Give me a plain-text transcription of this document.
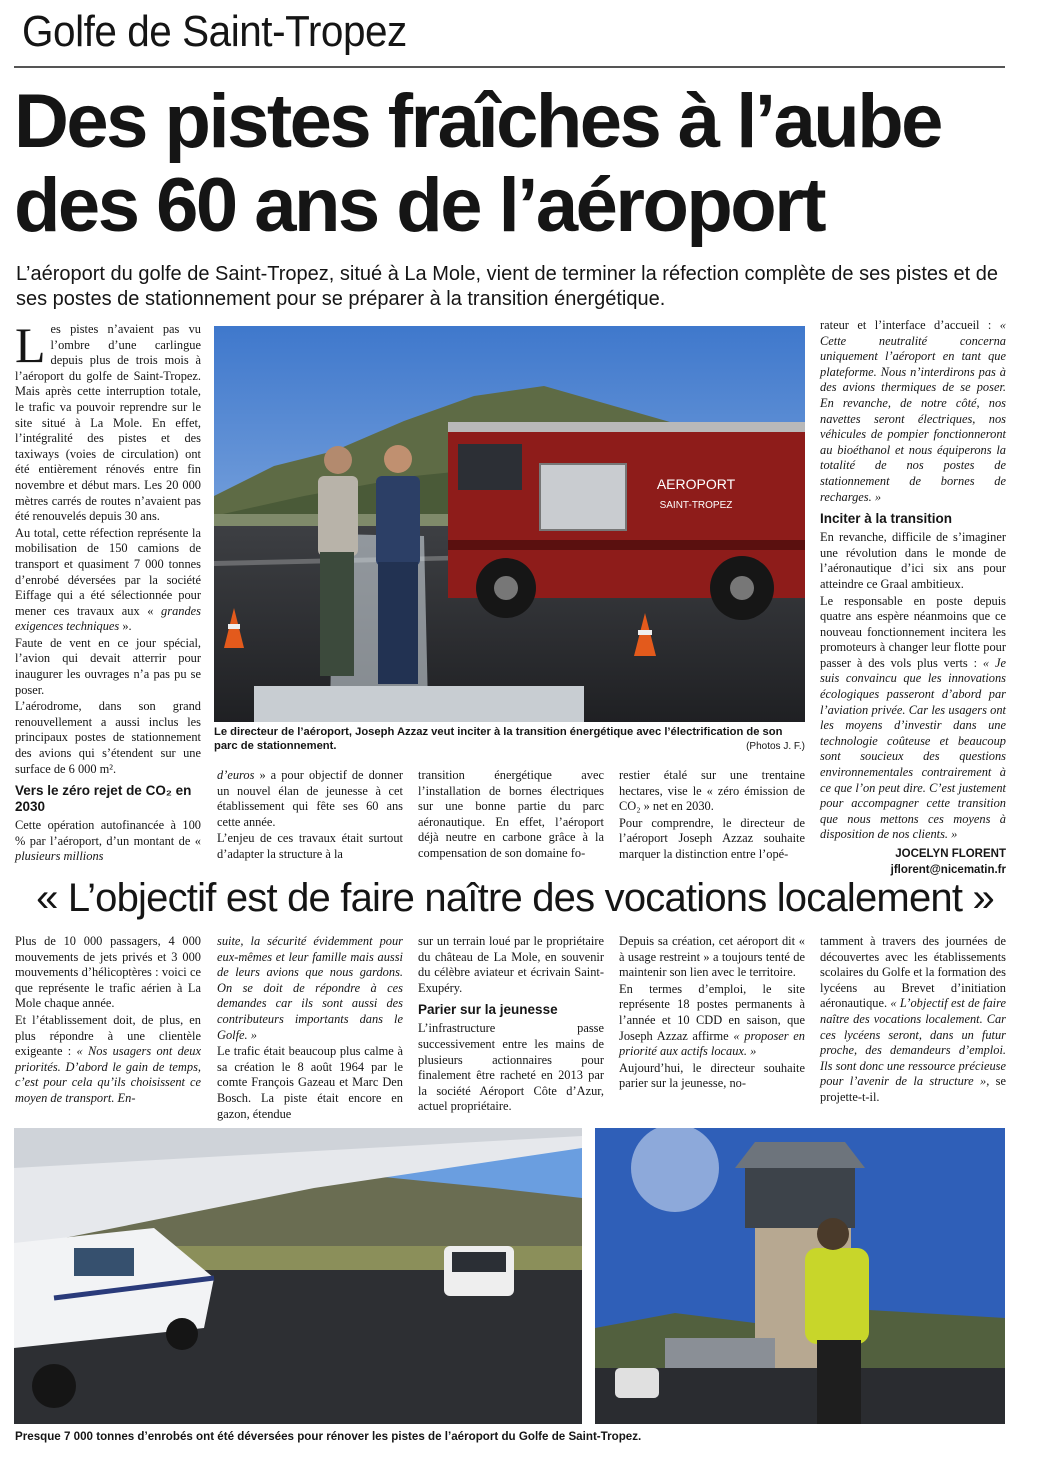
Golfe de Saint-Tropez
Des pistes fraîches à l’aube
des 60 ans de l’aéroport
L’aéroport du golfe de Saint-Tropez, situé à La Mole, vient de terminer la réfection complète de ses pistes et de ses postes de stationnement pour se préparer à la transition énergétique.

Les pistes n’avaient pas vu l’ombre d’une carlingue depuis plus de trois mois à l’aéroport du golfe de Saint-Tropez. Mais après cette interruption totale, le trafic va pouvoir reprendre sur le site situé à La Mole. En effet, l’intégralité des pistes et des taxiways (voies de circulation) ont été entièrement rénovés entre fin novembre et début mars. Les 20 000 mètres carrés de routes n’avaient pas été renouvelés depuis 30 ans.

Au total, cette réfection représente la mobilisation de 150 camions de transport et quasiment 7 000 tonnes d’enrobé déversées par la société Eiffage qui a été sélectionnée pour mener ces travaux aux « grandes exigences techniques ».

Faute de vent en ce jour spécial, l’avion qui devait atterrir pour inaugurer les ouvrages n’a pas pu se poser.

L’aérodrome, dans son grand renouvellement a aussi inclus les principaux postes de stationnement des avions qui s’étendent sur une surface de 6 000 m².

Vers le zéro rejet de CO₂ en 2030

Cette opération autofinancée à 100 % par l’aéroport, d’un montant de « plusieurs millions

AEROPORT
SAINT-TROPEZ
Le directeur de l’aéroport, Joseph Azzaz veut inciter à la transition énergétique avec l’électrification de son parc de stationnement.	(Photos J. F.)

d’euros » a pour objectif de donner un nouvel élan de jeunesse à cet établissement qui fête ses 60 ans cette année.

L’enjeu de ces travaux était surtout d’adapter la structure à la

transition énergétique avec l’installation de bornes électriques sur une bonne partie du parc aéronautique. En effet, l’aéroport déjà neutre en carbone grâce à la compensation de son domaine fo-

restier étalé sur une trentaine hectares, vise le « zéro émission de CO₂ » net en 2030.

Pour comprendre, le directeur de l’aéroport Joseph Azzaz souhaite marquer la distinction entre l’opé-

rateur et l’interface d’accueil : « Cette neutralité concerna uniquement l’aéroport en tant que plateforme. Nous n’interdirons pas à des avions thermiques de se poser. En revanche, de notre côté, nos navettes seront électriques, nos véhicules de pompier fonctionneront au bioéthanol et nous équiperons la totalité de nos postes de stationnement de bornes de recharges. »

Inciter à la transition

En revanche, difficile de s’imaginer une révolution dans le monde de l’aéronautique d’ici six ans pour atteindre ce Graal ambitieux.

Le responsable en poste depuis quatre ans espère néanmoins que ce nouveau fonctionnement incitera les promoteurs à changer leur flotte pour passer à des vols plus verts : « Je suis convaincu que les innovations écologiques passeront d’abord par l’aviation privée. Car les usagers ont les moyens d’investir dans une technologie coûteuse et beaucoup sont soucieux des questions environnementales contrairement à ce que l’on peut dire. C’est justement pour accompagner cette transition que nous mettons ces moyens à disposition de nos clients. »

JOCELYN FLORENT
jflorent@nicematin.fr
« L’objectif est de faire naître des vocations localement »

Plus de 10 000 passagers, 4 000 mouvements de jets privés et 3 000 mouvements d’hélicoptères : voici ce que représente le trafic aérien à La Mole chaque année.

Et l’établissement doit, de plus, en plus répondre à une clientèle exigeante : « Nos usagers ont deux priorités. D’abord le gain de temps, c’est pour cela qu’ils choisissent ce moyen de transport. En-

suite, la sécurité évidemment pour eux-mêmes et leur famille mais aussi de leurs avions que nous gardons. On se doit de répondre à ces demandes car ils sont aussi des contributeurs importants dans le Golfe. »

Le trafic était beaucoup plus calme à sa création le 8 août 1964 par le comte François Gazeau et Marc Den Bosch. La piste était encore en gazon, étendue

sur un terrain loué par le propriétaire du château de La Mole, en souvenir du célèbre aviateur et écrivain Saint-Exupéry.

Parier sur la jeunesse

L’infrastructure passe successivement entre les mains de plusieurs actionnaires pour finalement être racheté en 2013 par la société Aéroport Côte d’Azur, actuel propriétaire.

Depuis sa création, cet aéroport dit « à usage restreint » a toujours tenté de maintenir son lien avec le territoire.

En termes d’emploi, le site représente 18 postes permanents à l’année et 10 CDD en saison, que Joseph Azzaz affirme « proposer en priorité aux actifs locaux. »

Aujourd’hui, le directeur souhaite parier sur la jeunesse, no-

tamment à travers des journées de découvertes avec les établissements scolaires du Golfe et la formation des lycéens au Brevet d’initiation aéronautique. « L’objectif est de faire naître des vocations localement. Car ces lycéens seront, dans un futur proche, des demandeurs d’emploi. Ils sont donc une ressource précieuse pour l’avenir de la structure », se projette-t-il.

Presque 7 000 tonnes d’enrobés ont été déversées pour rénover les pistes de l’aéroport du Golfe de Saint-Tropez.
